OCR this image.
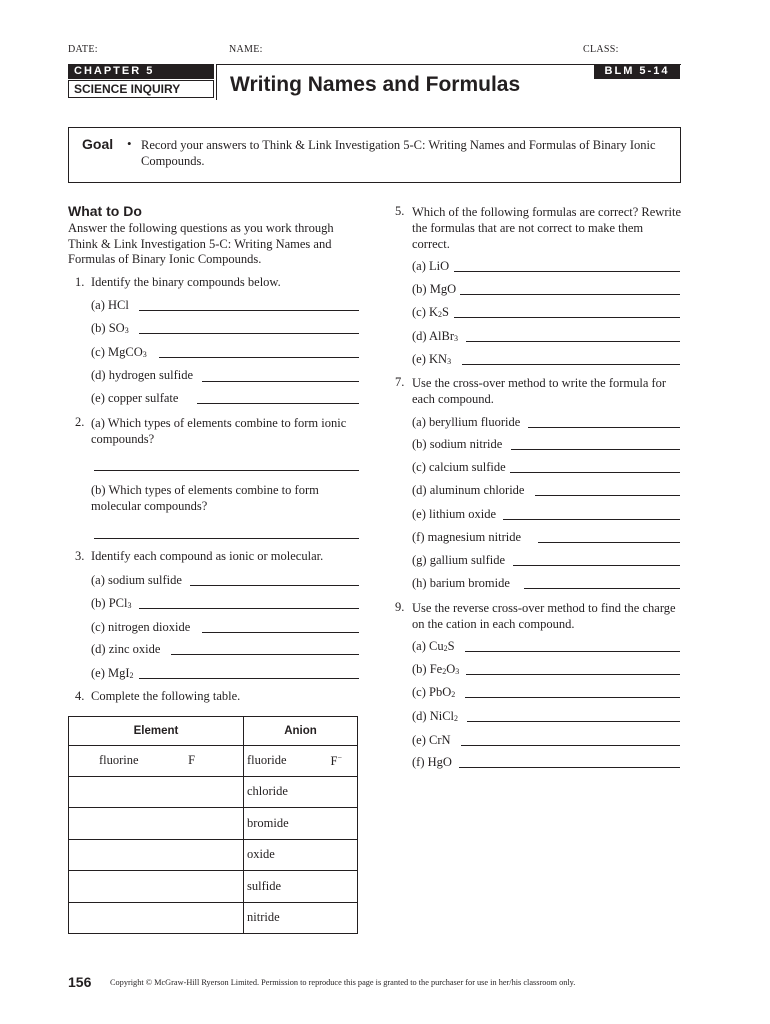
DATE:	NAME:	CLASS:
CHAPTER 5
SCIENCE INQUIRY
BLM 5-14
Writing Names and Formulas
Goal • Record your answers to Think & Link Investigation 5-C: Writing Names and Formulas of Binary Ionic Compounds.
What to Do
Answer the following questions as you work through Think & Link Investigation 5-C: Writing Names and Formulas of Binary Ionic Compounds.
1. Identify the binary compounds below.
(a) HCl
(b) $SO_3$
(c) MgCO$_3$
(d) hydrogen sulfide
(e) copper sulfate
2. (a) Which types of elements combine to form ionic compounds?
(b) Which types of elements combine to form molecular compounds?
3. Identify each compound as ionic or molecular.
(a) sodium sulfide
(b) PCl$_3$
(c) nitrogen dioxide
(d) zinc oxide
(e) MgI$_2$
4. Complete the following table.
Element		Anion	
fluorine	F	fluoride	F−
		chloride	
		bromide	
		oxide	
		sulfide	
		nitride	
5. Which of the following formulas are correct? Rewrite the formulas that are not correct to make them correct.
(a) LiO
(b) MgO
(c) $K_2S$
(d) AlBr$_3$
(e) $KN_3$
7. Use the cross-over method to write the formula for each compound.
(a) beryllium fluoride
(b) sodium nitride
(c) calcium sulfide
(d) aluminum chloride
(e) lithium oxide
(f) magnesium nitride
(g) gallium sulfide
(h) barium bromide
9. Use the reverse cross-over method to find the charge on the cation in each compound.
(a) $Cu_2S$
(b) $Fe_2O_3$
(c) PbO$_2$
(d) NiCl$_2$
(e) CrN
(f) HgO
156 Copyright © McGraw-Hill Ryerson Limited. Permission to reproduce this page is granted to the purchaser for use in her/his classroom only.
